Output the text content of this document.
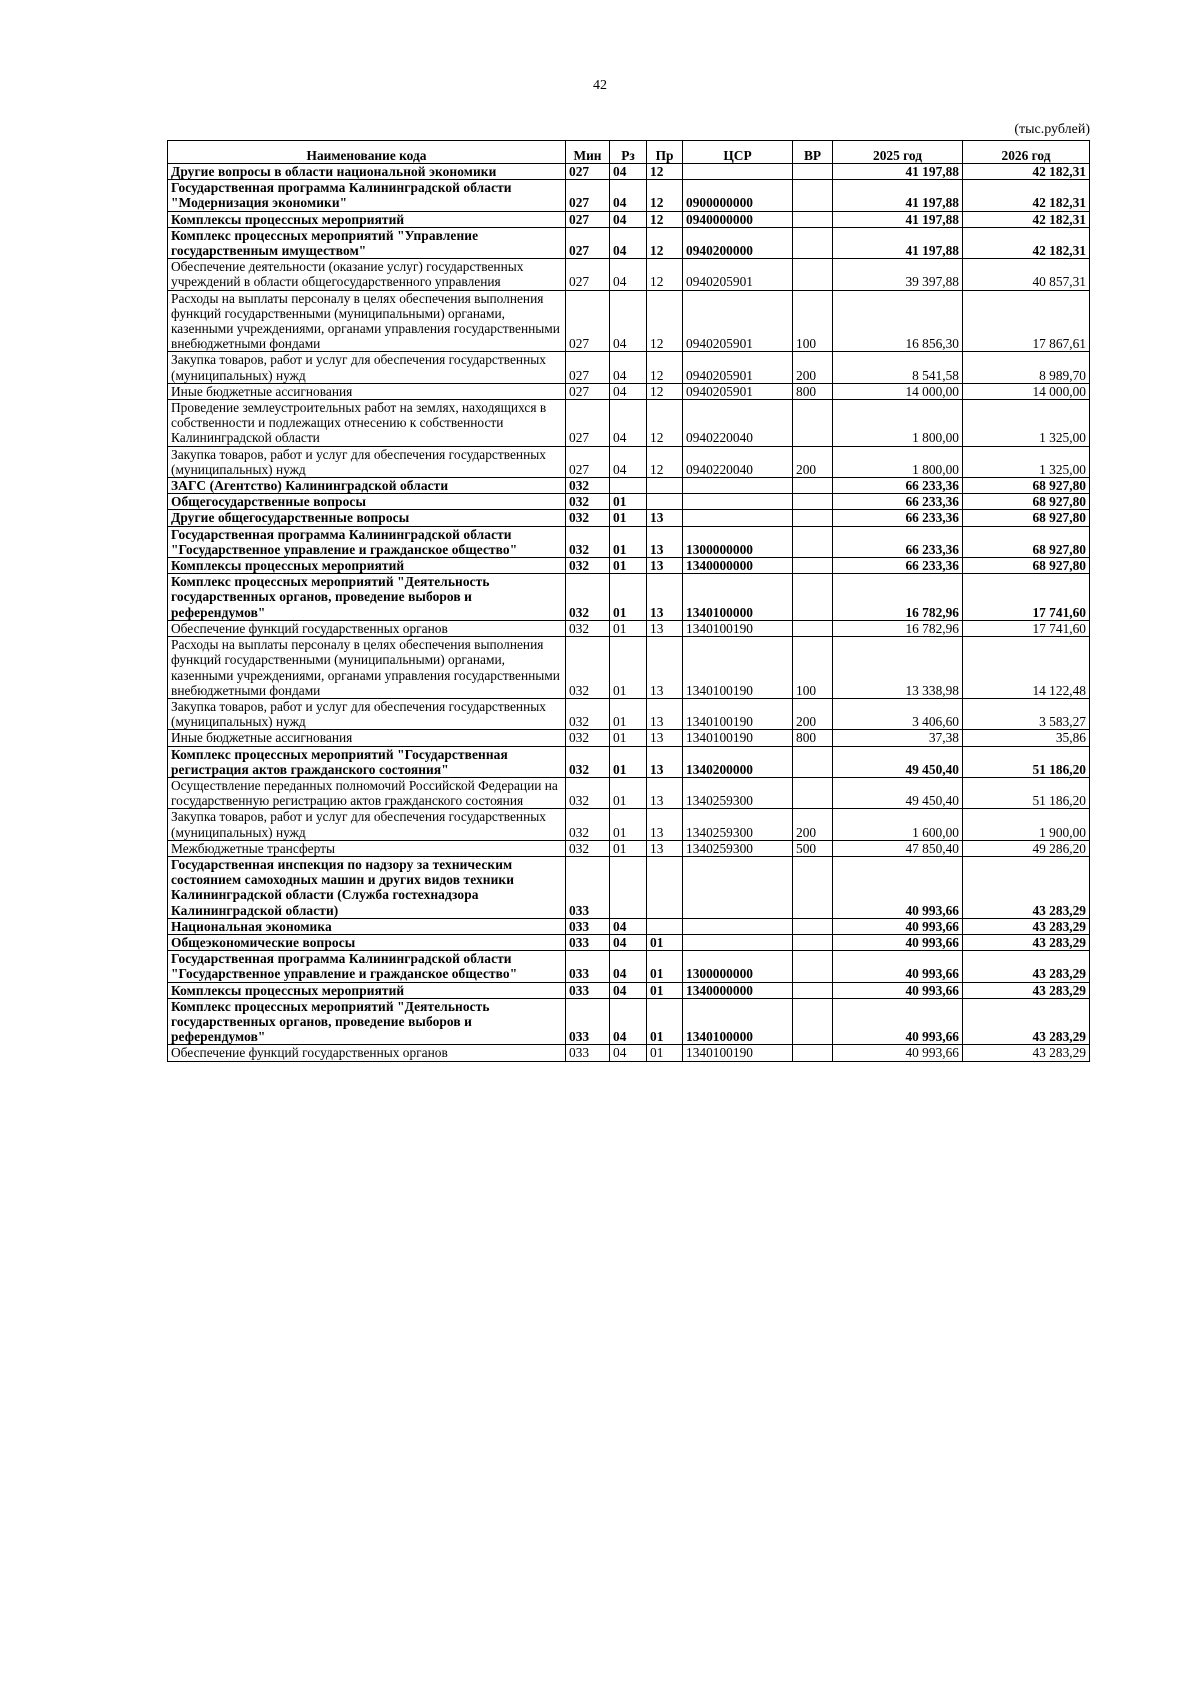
42
(тыс.рублей)
Наименование кода	Мин	Рз	Пр	ЦСР	ВР	2025 год	2026 год
Другие вопросы в области национальной экономики	027	04	12			41 197,88	42 182,31
Государственная программа Калининградской области "Модернизация экономики"	027	04	12	0900000000		41 197,88	42 182,31
Комплексы процессных мероприятий	027	04	12	0940000000		41 197,88	42 182,31
Комплекс процессных мероприятий "Управление государственным имуществом"	027	04	12	0940200000		41 197,88	42 182,31
Обеспечение деятельности (оказание услуг) государственных учреждений в области общегосударственного управления	027	04	12	0940205901		39 397,88	40 857,31
Расходы на выплаты персоналу в целях обеспечения выполнения функций государственными (муниципальными) органами, казенными учреждениями, органами управления государственными внебюджетными фондами	027	04	12	0940205901	100	16 856,30	17 867,61
Закупка товаров, работ и услуг для обеспечения государственных (муниципальных) нужд	027	04	12	0940205901	200	8 541,58	8 989,70
Иные бюджетные ассигнования	027	04	12	0940205901	800	14 000,00	14 000,00
Проведение землеустроительных работ на землях, находящихся в собственности и подлежащих отнесению к собственности Калининградской области	027	04	12	0940220040		1 800,00	1 325,00
Закупка товаров, работ и услуг для обеспечения государственных (муниципальных) нужд	027	04	12	0940220040	200	1 800,00	1 325,00
ЗАГС (Агентство) Калининградской области	032					66 233,36	68 927,80
Общегосударственные вопросы	032	01				66 233,36	68 927,80
Другие общегосударственные вопросы	032	01	13			66 233,36	68 927,80
Государственная программа Калининградской области "Государственное управление и гражданское общество"	032	01	13	1300000000		66 233,36	68 927,80
Комплексы процессных мероприятий	032	01	13	1340000000		66 233,36	68 927,80
Комплекс процессных мероприятий "Деятельность государственных органов, проведение выборов и референдумов"	032	01	13	1340100000		16 782,96	17 741,60
Обеспечение функций государственных органов	032	01	13	1340100190		16 782,96	17 741,60
Расходы на выплаты персоналу в целях обеспечения выполнения функций государственными (муниципальными) органами, казенными учреждениями, органами управления государственными внебюджетными фондами	032	01	13	1340100190	100	13 338,98	14 122,48
Закупка товаров, работ и услуг для обеспечения государственных (муниципальных) нужд	032	01	13	1340100190	200	3 406,60	3 583,27
Иные бюджетные ассигнования	032	01	13	1340100190	800	37,38	35,86
Комплекс процессных мероприятий "Государственная регистрация актов гражданского состояния"	032	01	13	1340200000		49 450,40	51 186,20
Осуществление переданных полномочий Российской Федерации на государственную регистрацию актов гражданского состояния	032	01	13	1340259300		49 450,40	51 186,20
Закупка товаров, работ и услуг для обеспечения государственных (муниципальных) нужд	032	01	13	1340259300	200	1 600,00	1 900,00
Межбюджетные трансферты	032	01	13	1340259300	500	47 850,40	49 286,20
Государственная инспекция по надзору за техническим состоянием самоходных машин и других видов техники Калининградской области (Служба гостехнадзора Калининградской области)	033					40 993,66	43 283,29
Национальная экономика	033	04				40 993,66	43 283,29
Общеэкономические вопросы	033	04	01			40 993,66	43 283,29
Государственная программа Калининградской области "Государственное управление и гражданское общество"	033	04	01	1300000000		40 993,66	43 283,29
Комплексы процессных мероприятий	033	04	01	1340000000		40 993,66	43 283,29
Комплекс процессных мероприятий "Деятельность государственных органов, проведение выборов и референдумов"	033	04	01	1340100000		40 993,66	43 283,29
Обеспечение функций государственных органов	033	04	01	1340100190		40 993,66	43 283,29
